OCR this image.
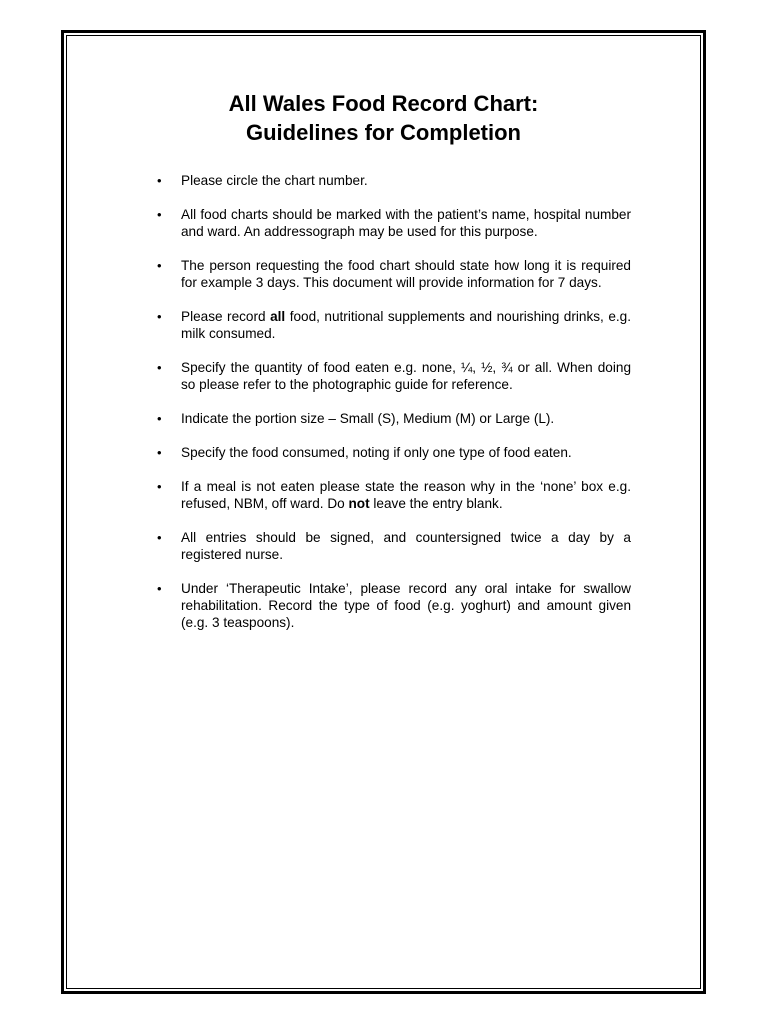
All Wales Food Record Chart:
Guidelines for Completion
• Please circle the chart number.
• All food charts should be marked with the patient’s name, hospital number and ward. An addressograph may be used for this purpose.
• The person requesting the food chart should state how long it is required for example 3 days. This document will provide information for 7 days.
• Please record all food, nutritional supplements and nourishing drinks, e.g. milk consumed.
• Specify the quantity of food eaten e.g. none, ¼, ½, ¾ or all. When doing so please refer to the photographic guide for reference.
• Indicate the portion size – Small (S), Medium (M) or Large (L).
• Specify the food consumed, noting if only one type of food eaten.
• If a meal is not eaten please state the reason why in the ‘none’ box e.g. refused, NBM, off ward. Do not leave the entry blank.
• All entries should be signed, and countersigned twice a day by a registered nurse.
• Under ‘Therapeutic Intake’, please record any oral intake for swallow rehabilitation. Record the type of food (e.g. yoghurt) and amount given (e.g. 3 teaspoons).
